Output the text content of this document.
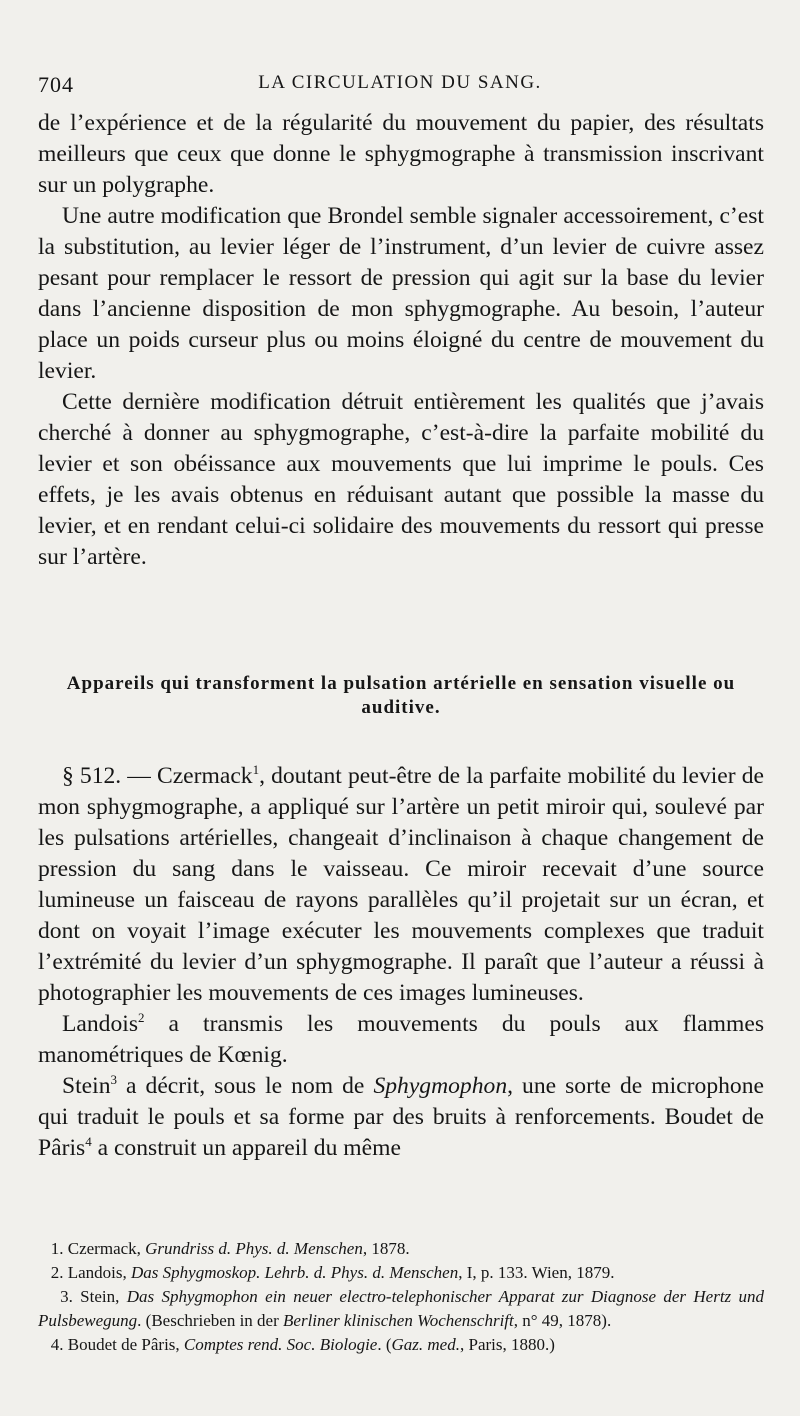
704	LA CIRCULATION DU SANG.

de l’expérience et de la régularité du mouvement du papier, des résultats meilleurs que ceux que donne le sphygmographe à transmission inscrivant sur un polygraphe.

Une autre modification que Brondel semble signaler accessoirement, c’est la substitution, au levier léger de l’instrument, d’un levier de cuivre assez pesant pour remplacer le ressort de pression qui agit sur la base du levier dans l’ancienne disposition de mon sphygmographe. Au besoin, l’auteur place un poids curseur plus ou moins éloigné du centre de mouvement du levier.

Cette dernière modification détruit entièrement les qualités que j’avais cherché à donner au sphygmographe, c’est-à-dire la parfaite mobilité du levier et son obéissance aux mouvements que lui imprime le pouls. Ces effets, je les avais obtenus en réduisant autant que possible la masse du levier, et en rendant celui-ci solidaire des mouvements du ressort qui presse sur l’artère.

Appareils qui transforment la pulsation artérielle en sensation visuelle ou auditive.

§ 512. — Czermack$^1$, doutant peut-être de la parfaite mobilité du levier de mon sphygmographe, a appliqué sur l’artère un petit miroir qui, soulevé par les pulsations artérielles, changeait d’inclinaison à chaque changement de pression du sang dans le vaisseau. Ce miroir recevait d’une source lumineuse un faisceau de rayons parallèles qu’il projetait sur un écran, et dont on voyait l’image exécuter les mouvements complexes que traduit l’extrémité du levier d’un sphygmographe. Il paraît que l’auteur a réussi à photographier les mouvements de ces images lumineuses.

Landois$^2$ a transmis les mouvements du pouls aux flammes manométriques de Kœnig.

Stein$^3$ a décrit, sous le nom de Sphygmophon, une sorte de microphone qui traduit le pouls et sa forme par des bruits à renforcements. Boudet de Pâris$^4$ a construit un appareil du même

1. Czermack, Grundriss d. Phys. d. Menschen, 1878.

2. Landois, Das Sphygmoskop. Lehrb. d. Phys. d. Menschen, I, p. 133. Wien, 1879.

3. Stein, Das Sphygmophon ein neuer electro-telephonischer Apparat zur Diagnose der Hertz und Pulsbewegung. (Beschrieben in der Berliner klinischen Wochenschrift, n° 49, 1878).

4. Boudet de Pâris, Comptes rend. Soc. Biologie. (Gaz. med., Paris, 1880.)
